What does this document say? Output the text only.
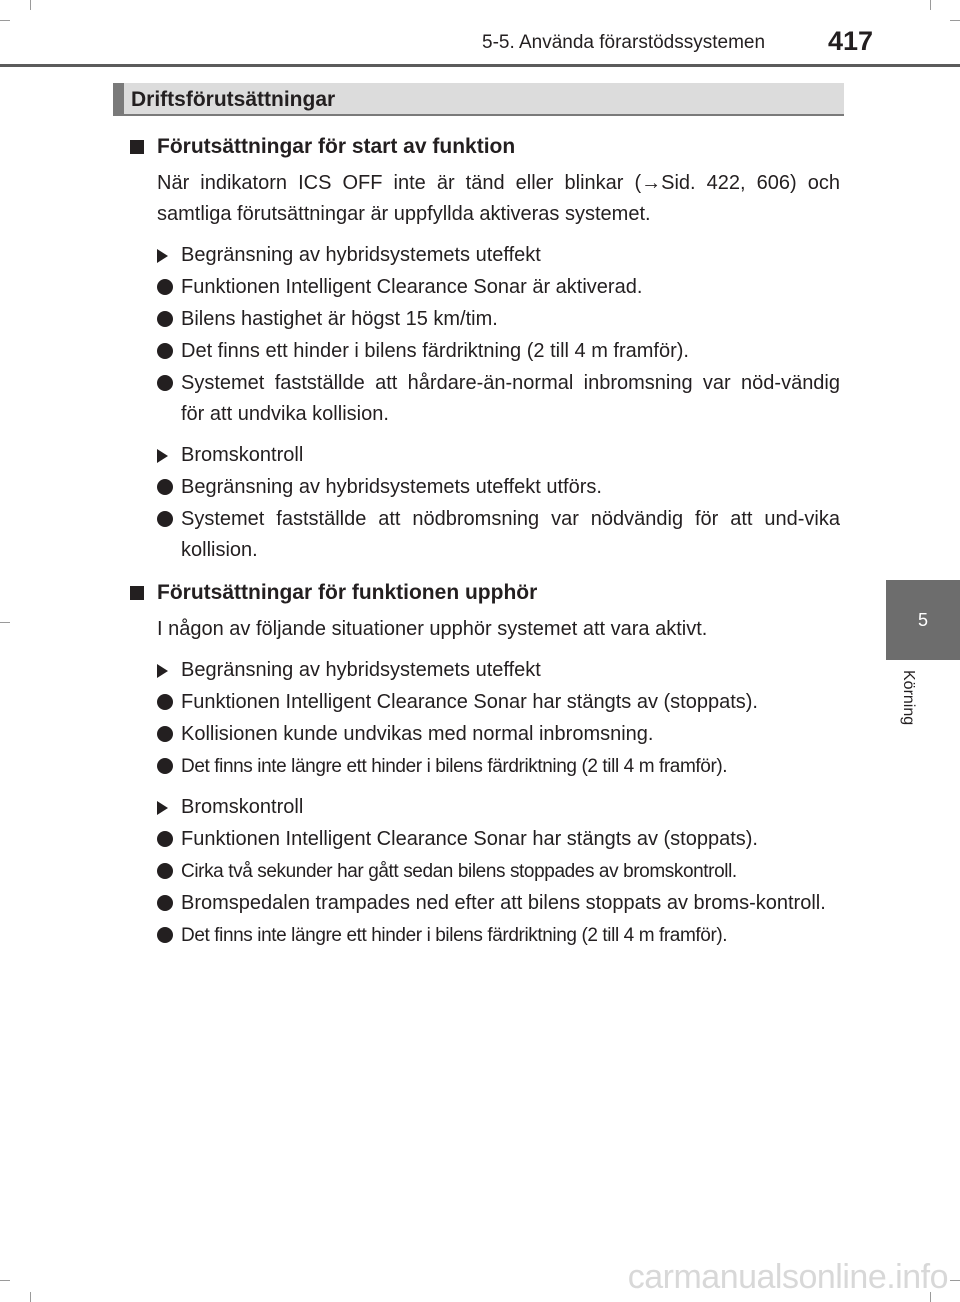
5-5. Använda förarstödssystemen 417
5
Körning
Driftsförutsättningar
Förutsättningar för start av funktion
När indikatorn ICS OFF inte är tänd eller blinkar (→Sid. 422, 606) och samtliga förutsättningar är uppfyllda aktiveras systemet.
Begränsning av hybridsystemets uteffekt
Funktionen Intelligent Clearance Sonar är aktiverad.
Bilens hastighet är högst 15 km/tim.
Det finns ett hinder i bilens färdriktning (2 till 4 m framför).
Systemet fastställde att hårdare-än-normal inbromsning var nöd-vändig för att undvika kollision.
Bromskontroll
Begränsning av hybridsystemets uteffekt utförs.
Systemet fastställde att nödbromsning var nödvändig för att und-vika kollision.
Förutsättningar för funktionen upphör
I någon av följande situationer upphör systemet att vara aktivt.
Begränsning av hybridsystemets uteffekt
Funktionen Intelligent Clearance Sonar har stängts av (stoppats).
Kollisionen kunde undvikas med normal inbromsning.
Det finns inte längre ett hinder i bilens färdriktning (2 till 4 m framför).
Bromskontroll
Funktionen Intelligent Clearance Sonar har stängts av (stoppats).
Cirka två sekunder har gått sedan bilens stoppades av bromskontroll.
Bromspedalen trampades ned efter att bilens stoppats av broms-kontroll.
Det finns inte längre ett hinder i bilens färdriktning (2 till 4 m framför).
carmanualsonline.info
